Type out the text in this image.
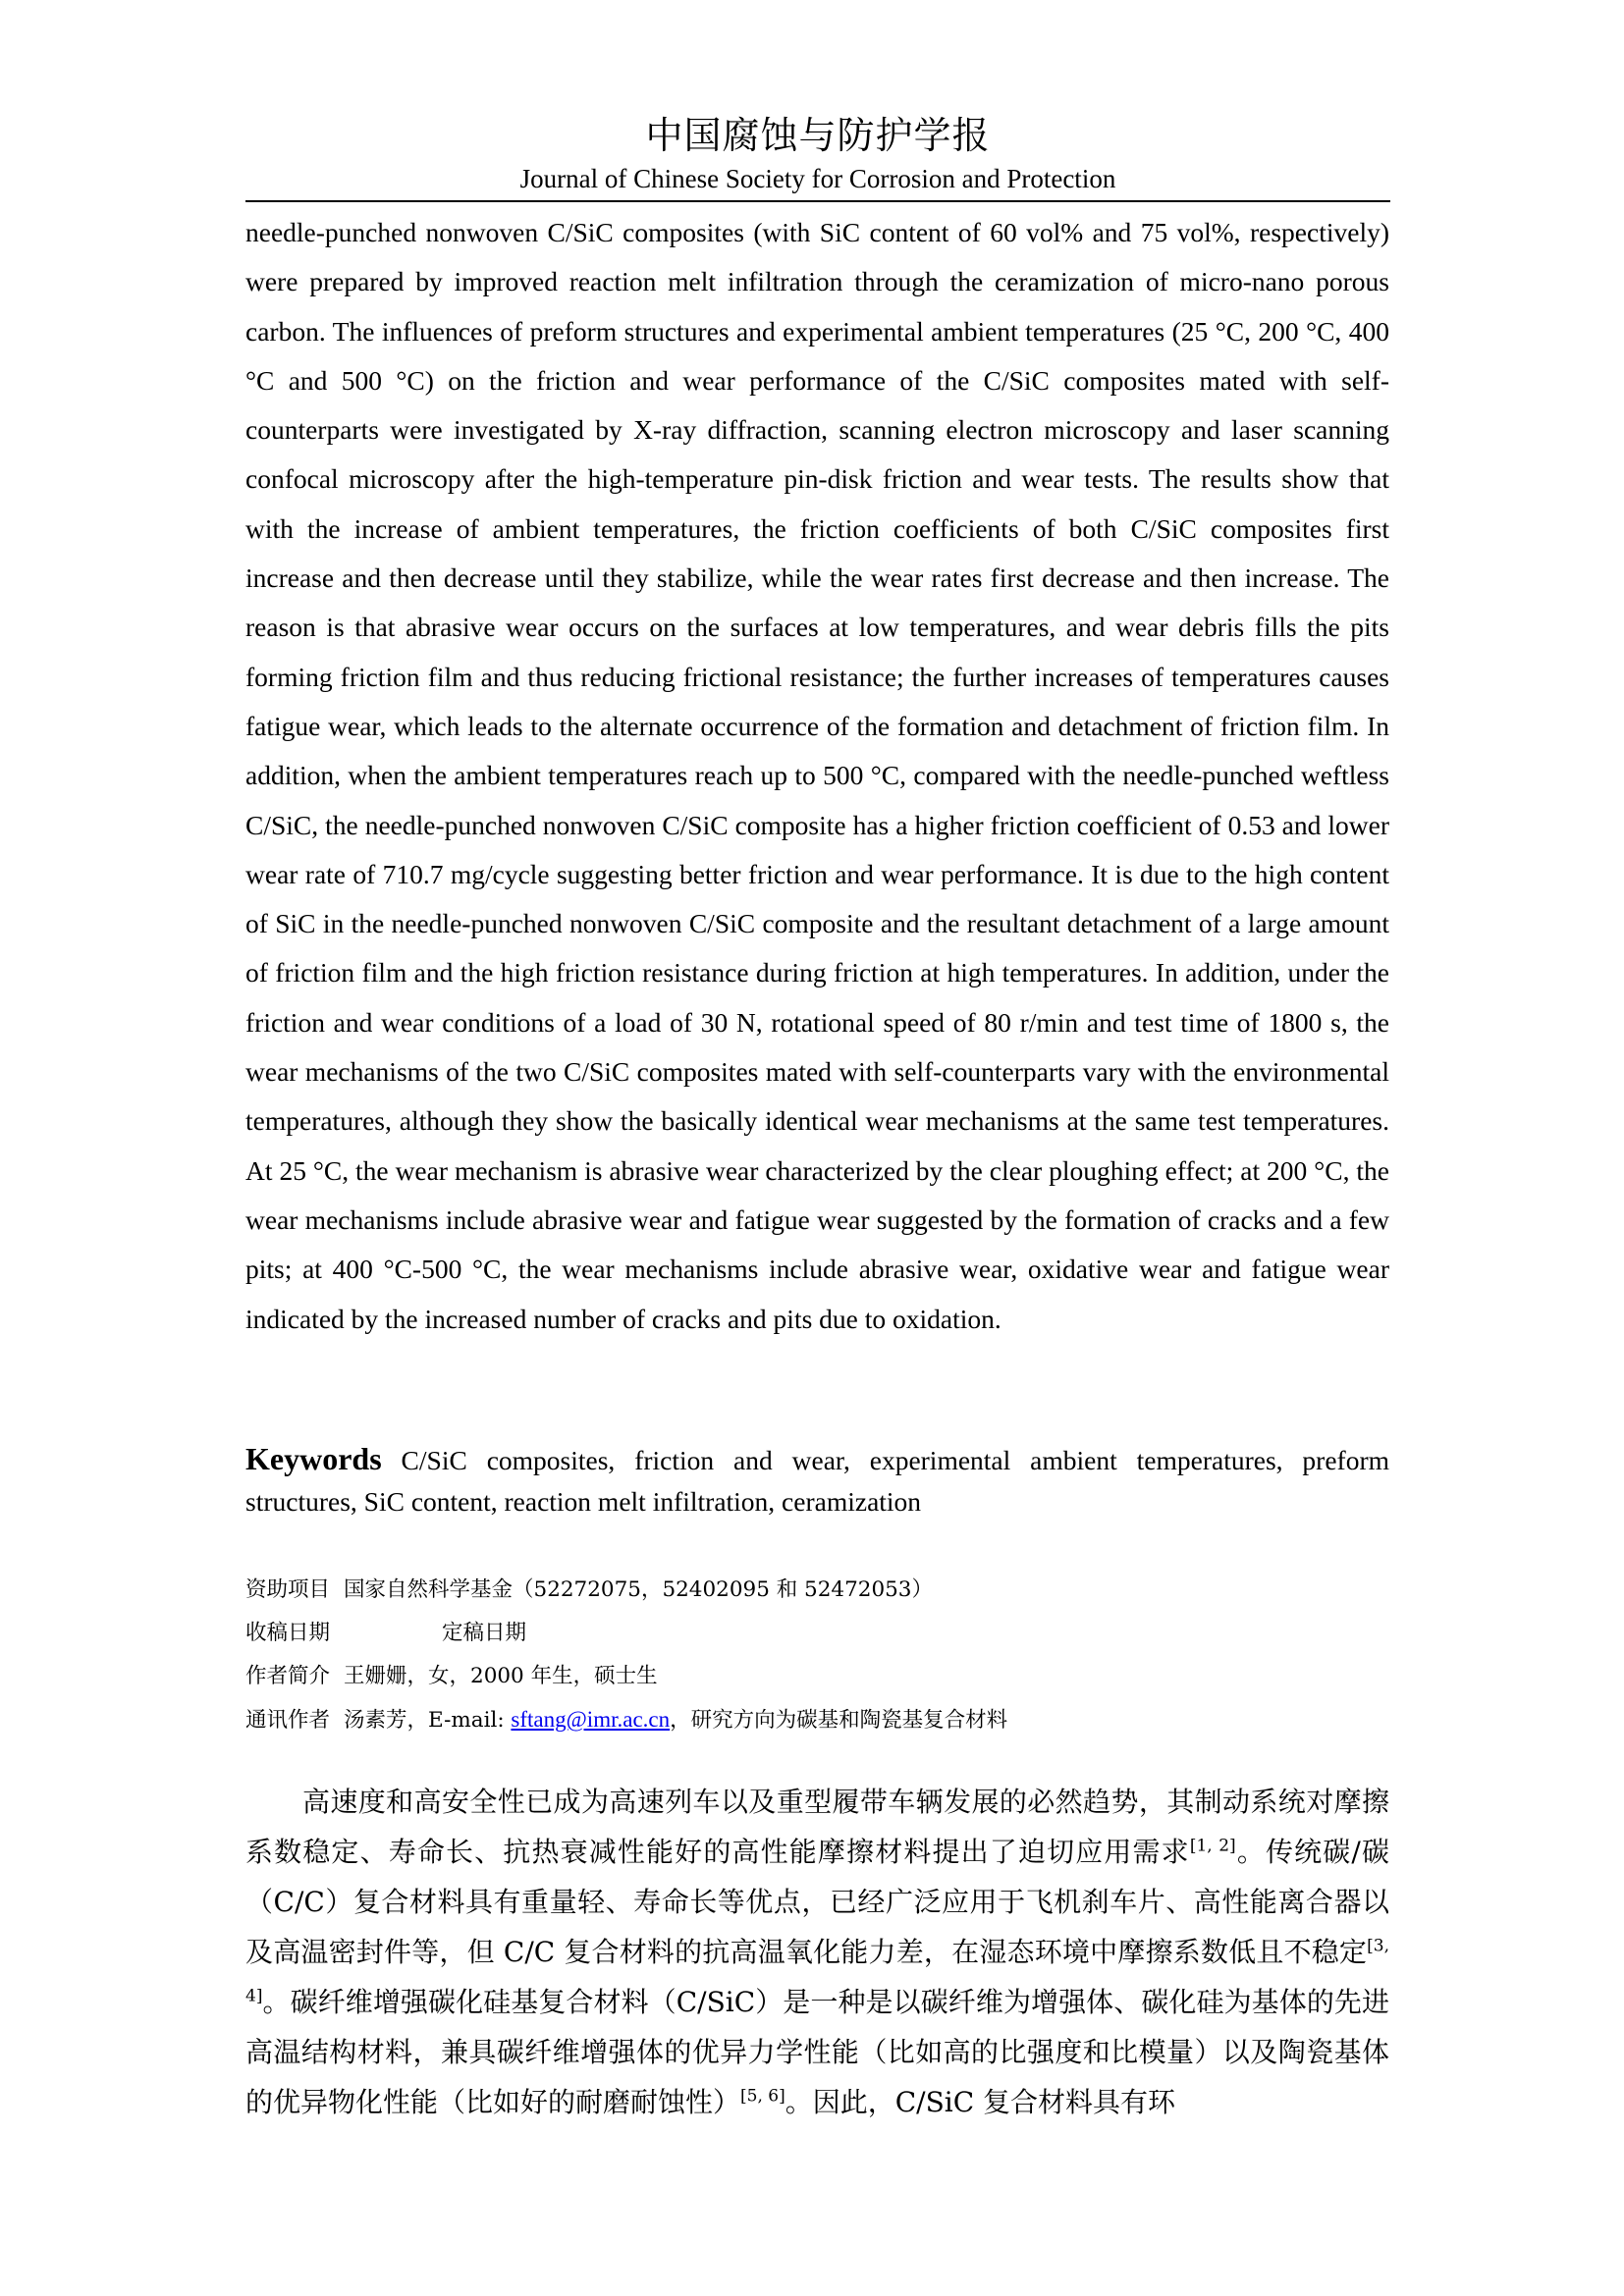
中国腐蚀与防护学报
Journal of Chinese Society for Corrosion and Protection

needle-punched nonwoven C/SiC composites (with SiC content of 60 vol% and 75 vol%, respectively) were prepared by improved reaction melt infiltration through the ceramization of micro-nano porous carbon. The influences of preform structures and experimental ambient temperatures (25 °C, 200 °C, 400 °C and 500 °C) on the friction and wear performance of the C/SiC composites mated with self-counterparts were investigated by X-ray diffraction, scanning electron microscopy and laser scanning confocal microscopy after the high-temperature pin-disk friction and wear tests. The results show that with the increase of ambient temperatures, the friction coefficients of both C/SiC composites first increase and then decrease until they stabilize, while the wear rates first decrease and then increase. The reason is that abrasive wear occurs on the surfaces at low temperatures, and wear debris fills the pits forming friction film and thus reducing frictional resistance; the further increases of temperatures causes fatigue wear, which leads to the alternate occurrence of the formation and detachment of friction film. In addition, when the ambient temperatures reach up to 500 °C, compared with the needle-punched weftless C/SiC, the needle-punched nonwoven C/SiC composite has a higher friction coefficient of 0.53 and lower wear rate of 710.7 mg/cycle suggesting better friction and wear performance. It is due to the high content of SiC in the needle-punched nonwoven C/SiC composite and the resultant detachment of a large amount of friction film and the high friction resistance during friction at high temperatures. In addition, under the friction and wear conditions of a load of 30 N, rotational speed of 80 r/min and test time of 1800 s, the wear mechanisms of the two C/SiC composites mated with self-counterparts vary with the environmental temperatures, although they show the basically identical wear mechanisms at the same test temperatures. At 25 °C, the wear mechanism is abrasive wear characterized by the clear ploughing effect; at 200 °C, the wear mechanisms include abrasive wear and fatigue wear suggested by the formation of cracks and a few pits; at 400 °C-500 °C, the wear mechanisms include abrasive wear, oxidative wear and fatigue wear indicated by the increased number of cracks and pits due to oxidation.

Keywords C/SiC composites, friction and wear, experimental ambient temperatures, preform structures, SiC content, reaction melt infiltration, ceramization

资助项目 国家自然科学基金（52272075，52402095 和 52472053）
收稿日期	定稿日期
作者简介 王姗姗，女，2000 年生，硕士生
通讯作者 汤素芳，E-mail: sftang@imr.ac.cn，研究方向为碳基和陶瓷基复合材料

高速度和高安全性已成为高速列车以及重型履带车辆发展的必然趋势，其制动系统对摩擦系数稳定、寿命长、抗热衰减性能好的高性能摩擦材料提出了迫切应用需求[1, 2]。传统碳/碳（C/C）复合材料具有重量轻、寿命长等优点，已经广泛应用于飞机刹车片、高性能离合器以及高温密封件等，但 C/C 复合材料的抗高温氧化能力差，在湿态环境中摩擦系数低且不稳定[3, 4]。碳纤维增强碳化硅基复合材料（C/SiC）是一种是以碳纤维为增强体、碳化硅为基体的先进高温结构材料，兼具碳纤维增强体的优异力学性能（比如高的比强度和比模量）以及陶瓷基体的优异物化性能（比如好的耐磨耐蚀性）[5, 6]。因此，C/SiC 复合材料具有环
